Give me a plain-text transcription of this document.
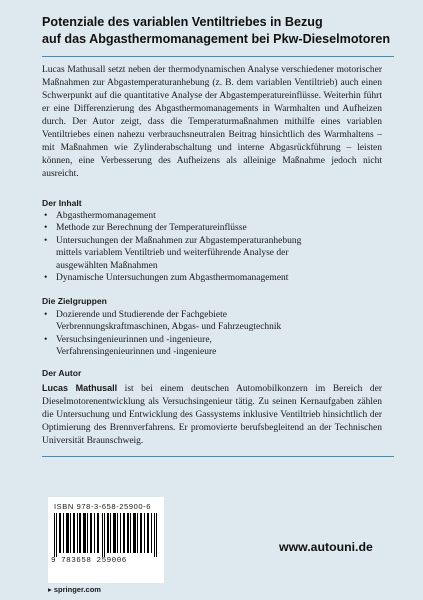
Potenziale des variablen Ventiltriebes in Bezug
auf das Abgasthermomanagement bei Pkw-Dieselmotoren
Lucas Mathusall setzt neben der thermodynamischen Analyse verschiedener motorischer Maßnahmen zur Abgastemperaturanhebung (z. B. dem variablen Ventiltrieb) auch einen Schwerpunkt auf die quantitative Analyse der Abgastemperatureinflüsse. Weiterhin führt er eine Differenzierung des Abgasthermomanagements in Warmhalten und Aufheizen durch. Der Autor zeigt, dass die Temperaturmaßnahmen mithilfe eines variablen Ventiltriebes einen nahezu verbrauchsneutralen Beitrag hinsichtlich des Warmhaltens – mit Maßnahmen wie Zylinderabschaltung und interne Abgasrückführung – leisten können, eine Verbesserung des Aufheizens als alleinige Maßnahme jedoch nicht ausreicht.
Der Inhalt
• Abgasthermomanagement
• Methode zur Berechnung der Temperatureinflüsse
• Untersuchungen der Maßnahmen zur Abgastemperaturanhebung mittels variablem Ventiltrieb und weiterführende Analyse der ausgewählten Maßnahmen
• Dynamische Untersuchungen zum Abgasthermomanagement
Die Zielgruppen
• Dozierende und Studierende der Fachgebiete Verbrennungskraftmaschinen, Abgas- und Fahrzeugtechnik
• Versuchsingenieurinnen und -ingenieure, Verfahrensingenieurinnen und -ingenieure
Der Autor
Lucas Mathusall ist bei einem deutschen Automobilkonzern im Bereich der Dieselmotorenentwicklung als Versuchsingenieur tätig. Zu seinen Kernaufgaben zählen die Untersuchung und Entwicklung des Gassystems inklusive Ventiltrieb hinsichtlich der Optimierung des Brennverfahrens. Er promovierte berufsbegleitend an der Technischen Universität Braunschweig.
ISBN 978-3-658-25900-6
9 783658 259006
▸ springer.com
www.autouni.de
